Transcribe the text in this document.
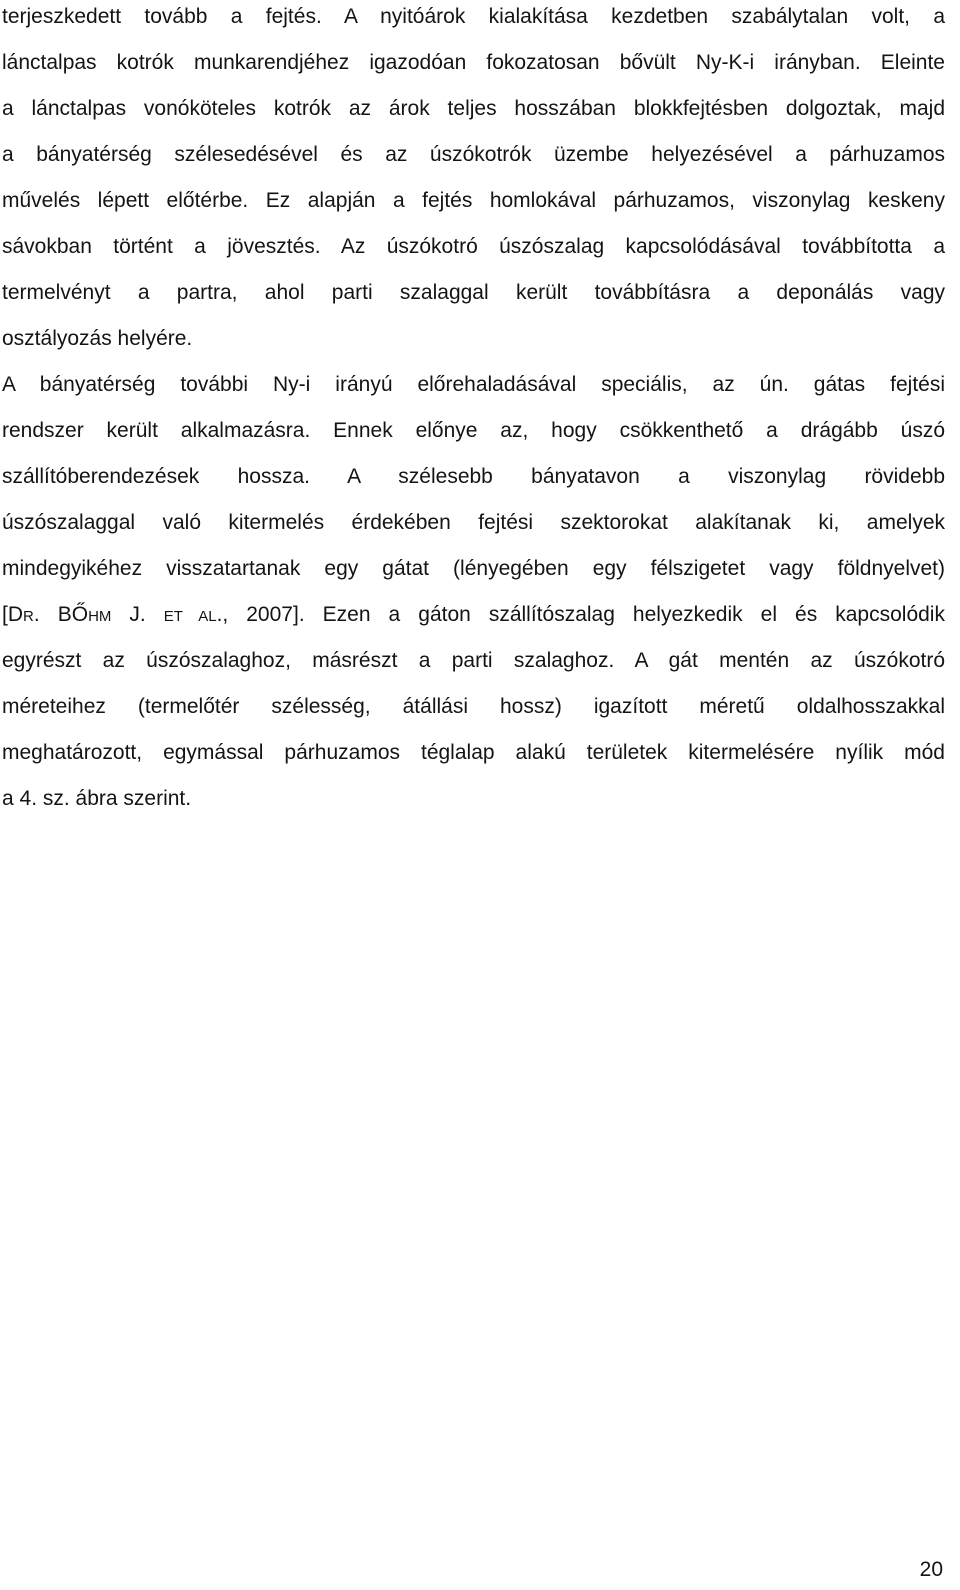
terjeszkedett tovább a fejtés. A nyitóárok kialakítása kezdetben szabálytalan volt, a
lánctalpas kotrók munkarendjéhez igazodóan fokozatosan bővült Ny-K-i irányban. Eleinte
a lánctalpas vonóköteles kotrók az árok teljes hosszában blokkfejtésben dolgoztak, majd
a bányatérség szélesedésével és az úszókotrók üzembe helyezésével a párhuzamos
művelés lépett előtérbe. Ez alapján a fejtés homlokával párhuzamos, viszonylag keskeny
sávokban történt a jövesztés. Az úszókotró úszószalag kapcsolódásával továbbította a
termelvényt a partra, ahol parti szalaggal került továbbításra a deponálás vagy
osztályozás helyére.
A bányatérség további Ny-i irányú előrehaladásával speciális, az ún. gátas fejtési
rendszer került alkalmazásra. Ennek előnye az, hogy csökkenthető a drágább úszó
szállítóberendezések hossza. A szélesebb bányatavon a viszonylag rövidebb
úszószalaggal való kitermelés érdekében fejtési szektorokat alakítanak ki, amelyek
mindegyikéhez visszatartanak egy gátat (lényegében egy félszigetet vagy földnyelvet)
[DR. BŐHM J. ET AL., 2007]. Ezen a gáton szállítószalag helyezkedik el és kapcsolódik
egyrészt az úszószalaghoz, másrészt a parti szalaghoz. A gát mentén az úszókotró
méreteihez (termelőtér szélesség, átállási hossz) igazított méretű oldalhosszakkal
meghatározott, egymással párhuzamos téglalap alakú területek kitermelésére nyílik mód
a 4. sz. ábra szerint.
20
